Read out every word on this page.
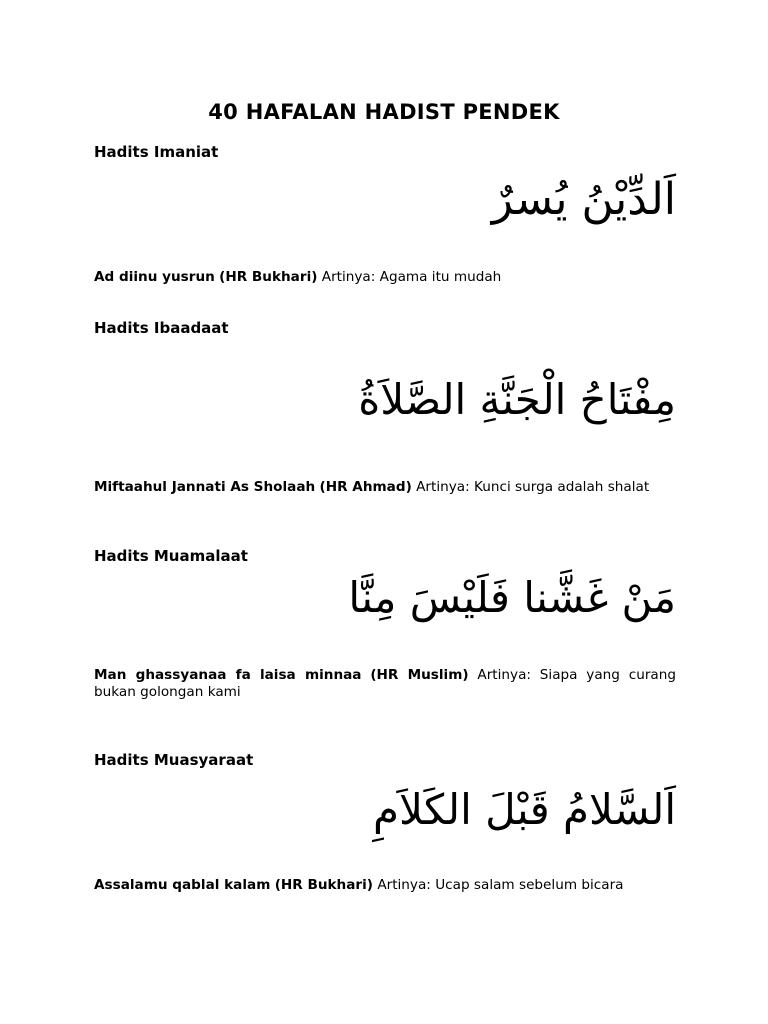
40 HAFALAN HADIST PENDEK
Hadits Imaniat
اَلدِّيْنُ يُسرٌ
Ad diinu yusrun (HR Bukhari) Artinya: Agama itu mudah
Hadits Ibaadaat
مِفْتَاحُ الْجَنَّةِ الصَّلاَةُ
Miftaahul Jannati As Sholaah (HR Ahmad) Artinya: Kunci surga adalah shalat
Hadits Muamalaat
مَنْ غَشَّنا فَلَيْسَ مِنَّا
Man ghassyanaa fa laisa minnaa (HR Muslim) Artinya: Siapa yang curang bukan golongan kami
Hadits Muasyaraat
اَلسَّلامُ قَبْلَ الكَلاَمِ
Assalamu qablal kalam (HR Bukhari) Artinya: Ucap salam sebelum bicara
